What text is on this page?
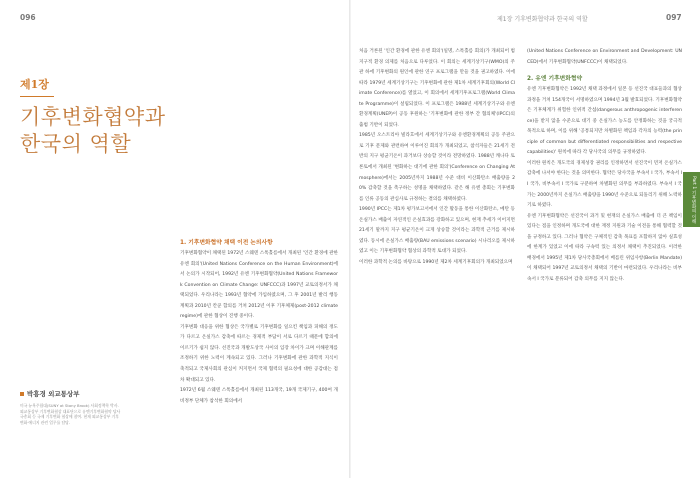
096	제1장 기후변화협약과 한국의 역할	097
제1장
기후변화협약과
한국의 역할
박흥경 외교통상부
미국 뉴욕주립대(SUNY at Stony Brook) 사회정책학 박사. 외교통상부 기후변화협상 대표단으로 유엔기후변화협약 당사국총회 등 국제 기후변화 협상에 참여. 현재 외교통상부 기후변화·에너지 관련 업무를 담당.

1. 기후변화협약 채택 이전 논의사항

기후변화협약이 채택된 1972년 스웨덴 스톡홀름에서 개최된 '인간 환경에 관한 유엔 회의'(United Nations Conference on the Human Environment)에서 논의가 시작되어, 1992년 유엔 기후변화협약(United Nations Framework Convention on Climate Change: UNFCCC)과 1997년 교토의정서가 채택되었다. 우리나라는 1993년 협약에 가입하였으며, 그 후 2001년 발리 행동계획과 2010년 칸쿤 합의를 거쳐 2012년 이후 기후체제(post-2012 climate regime)에 관한 협상이 진행 중이다.

기후변화 대응을 위한 협상은 국가별로 기후변화를 일으킨 책임과 피해의 정도가 다르고 온실가스 감축에 따르는 경제적 부담이 서로 다르기 때문에 합의에 이르기가 쉽지 않다. 선진국과 개발도상국 사이의 입장 차이가 크며 이해관계를 조정하기 위한 노력이 계속되고 있다. 그러나 기후변화에 관한 과학적 지식이 축적되고 국제사회의 관심이 커지면서 국제 협력의 필요성에 대한 공감대는 점차 확대되고 있다.

1972년 6월 스웨덴 스톡홀름에서 개최된 113개국, 19개 국제기구, 400여 개 비정부 단체가 참석한 회의에서

처음 거론된 '인간 환경에 관한 유엔 회의'(일명, 스톡홀름 회의)가 개최되어 범지구적 환경 의제를 처음으로 다루었다. 이 회의는 세계기상기구(WMO)의 주관 하에 기후변화의 원인에 관한 연구 프로그램을 만들 것을 권고하였다. 이에 따라 1979년 세계기상기구는 기후변화에 관한 제1차 세계기후회의(World Climate Conference)를 열었고, 이 회의에서 세계기후프로그램(World Climate Programme)이 설립되었다. 이 프로그램은 1988년 세계기상기구와 유엔환경계획(UNEP)이 공동 후원하는 '기후변화에 관한 정부 간 협의체'(IPCC)의 출범 기반이 되었다.

1985년 오스트리아 빌라흐에서 세계기상기구와 유엔환경계획의 공동 주관으로 기후 문제와 관련하여 이루어진 회의가 개최되었고, 참석자들은 21세기 전반의 지구 평균기온이 과거보다 상승할 것이라 전망하였다. 1988년 캐나다 토론토에서 개최된 '변화하는 대기에 관한 회의'(Conference on Changing Atmosphere)에서는 2005년까지 1988년 수준 대비 이산화탄소 배출량을 20% 감축할 것을 촉구하는 성명을 채택하였다. 같은 해 유엔 총회는 기후변화를 인류 공동의 관심사로 규정하는 결의를 채택하였다.

1990년 IPCC는 제1차 평가보고서에서 인간 활동을 통한 이산화탄소, 메탄 등 온실가스 배출이 자연적인 온실효과를 강화하고 있으며, 현재 추세가 이어지면 21세기 말까지 지구 평균기온이 크게 상승할 것이라는 과학적 근거를 제시하였다. 동시에 온실가스 배출량(BAU emissions scenario) 시나리오를 제시하였고 이는 기후변화협약 협상의 과학적 토대가 되었다.

이러한 과학적 논의를 바탕으로 1990년 제2차 세계기후회의가 개최되었으며

(United Nations Conference on Environment and Development: UNCED)에서 기후변화협약(UNFCCC)이 채택되었다.

2. 유엔 기후변화협약

유엔 기후변화협약은 1992년 채택 과정에서 일본 등 선진국 대표들과의 협상 과정을 거쳐 154개국이 서명하였으며 1994년 3월 발효되었다. 기후변화협약은 기후체계가 위험한 인위적 간섭(dangerous anthropogenic interference)을 받지 않을 수준으로 대기 중 온실가스 농도를 안정화하는 것을 궁극적 목적으로 하며, 이를 위해 '공통되지만 차별화된 책임과 각자의 능력(the principle of common but differentiated responsibilities and respective capabilities)' 원칙에 따라 각 당사국의 의무를 규정하였다.

이러한 원칙은 개도국의 경제성장 권리를 인정하면서 선진국이 먼저 온실가스 감축에 나서야 한다는 것을 의미한다. 협약은 당사국을 부속서 I 국가, 부속서 II 국가, 비부속서 I 국가로 구분하여 차별화된 의무를 부과하였다. 부속서 I 국가는 2000년까지 온실가스 배출량을 1990년 수준으로 되돌리기 위해 노력하기로 하였다.

유엔 기후변화협약은 선진국이 과거 및 현재의 온실가스 배출에 더 큰 책임이 있다는 점을 인정하며 개도국에 대한 재정 지원과 기술 이전을 통해 협력할 것을 규정하고 있다. 그러나 협약은 구체적인 감축 목표를 포함하지 않아 실효성에 한계가 있었고 이에 따라 구속력 있는 의정서 채택이 추진되었다. 이러한 배경에서 1995년 제1차 당사국총회에서 베를린 위임사항(Berlin Mandate)이 채택되어 1997년 교토의정서 채택의 기반이 마련되었다. 우리나라는 비부속서 I 국가로 분류되어 감축 의무를 지지 않는다.

Part 1 기후변화의 이해
